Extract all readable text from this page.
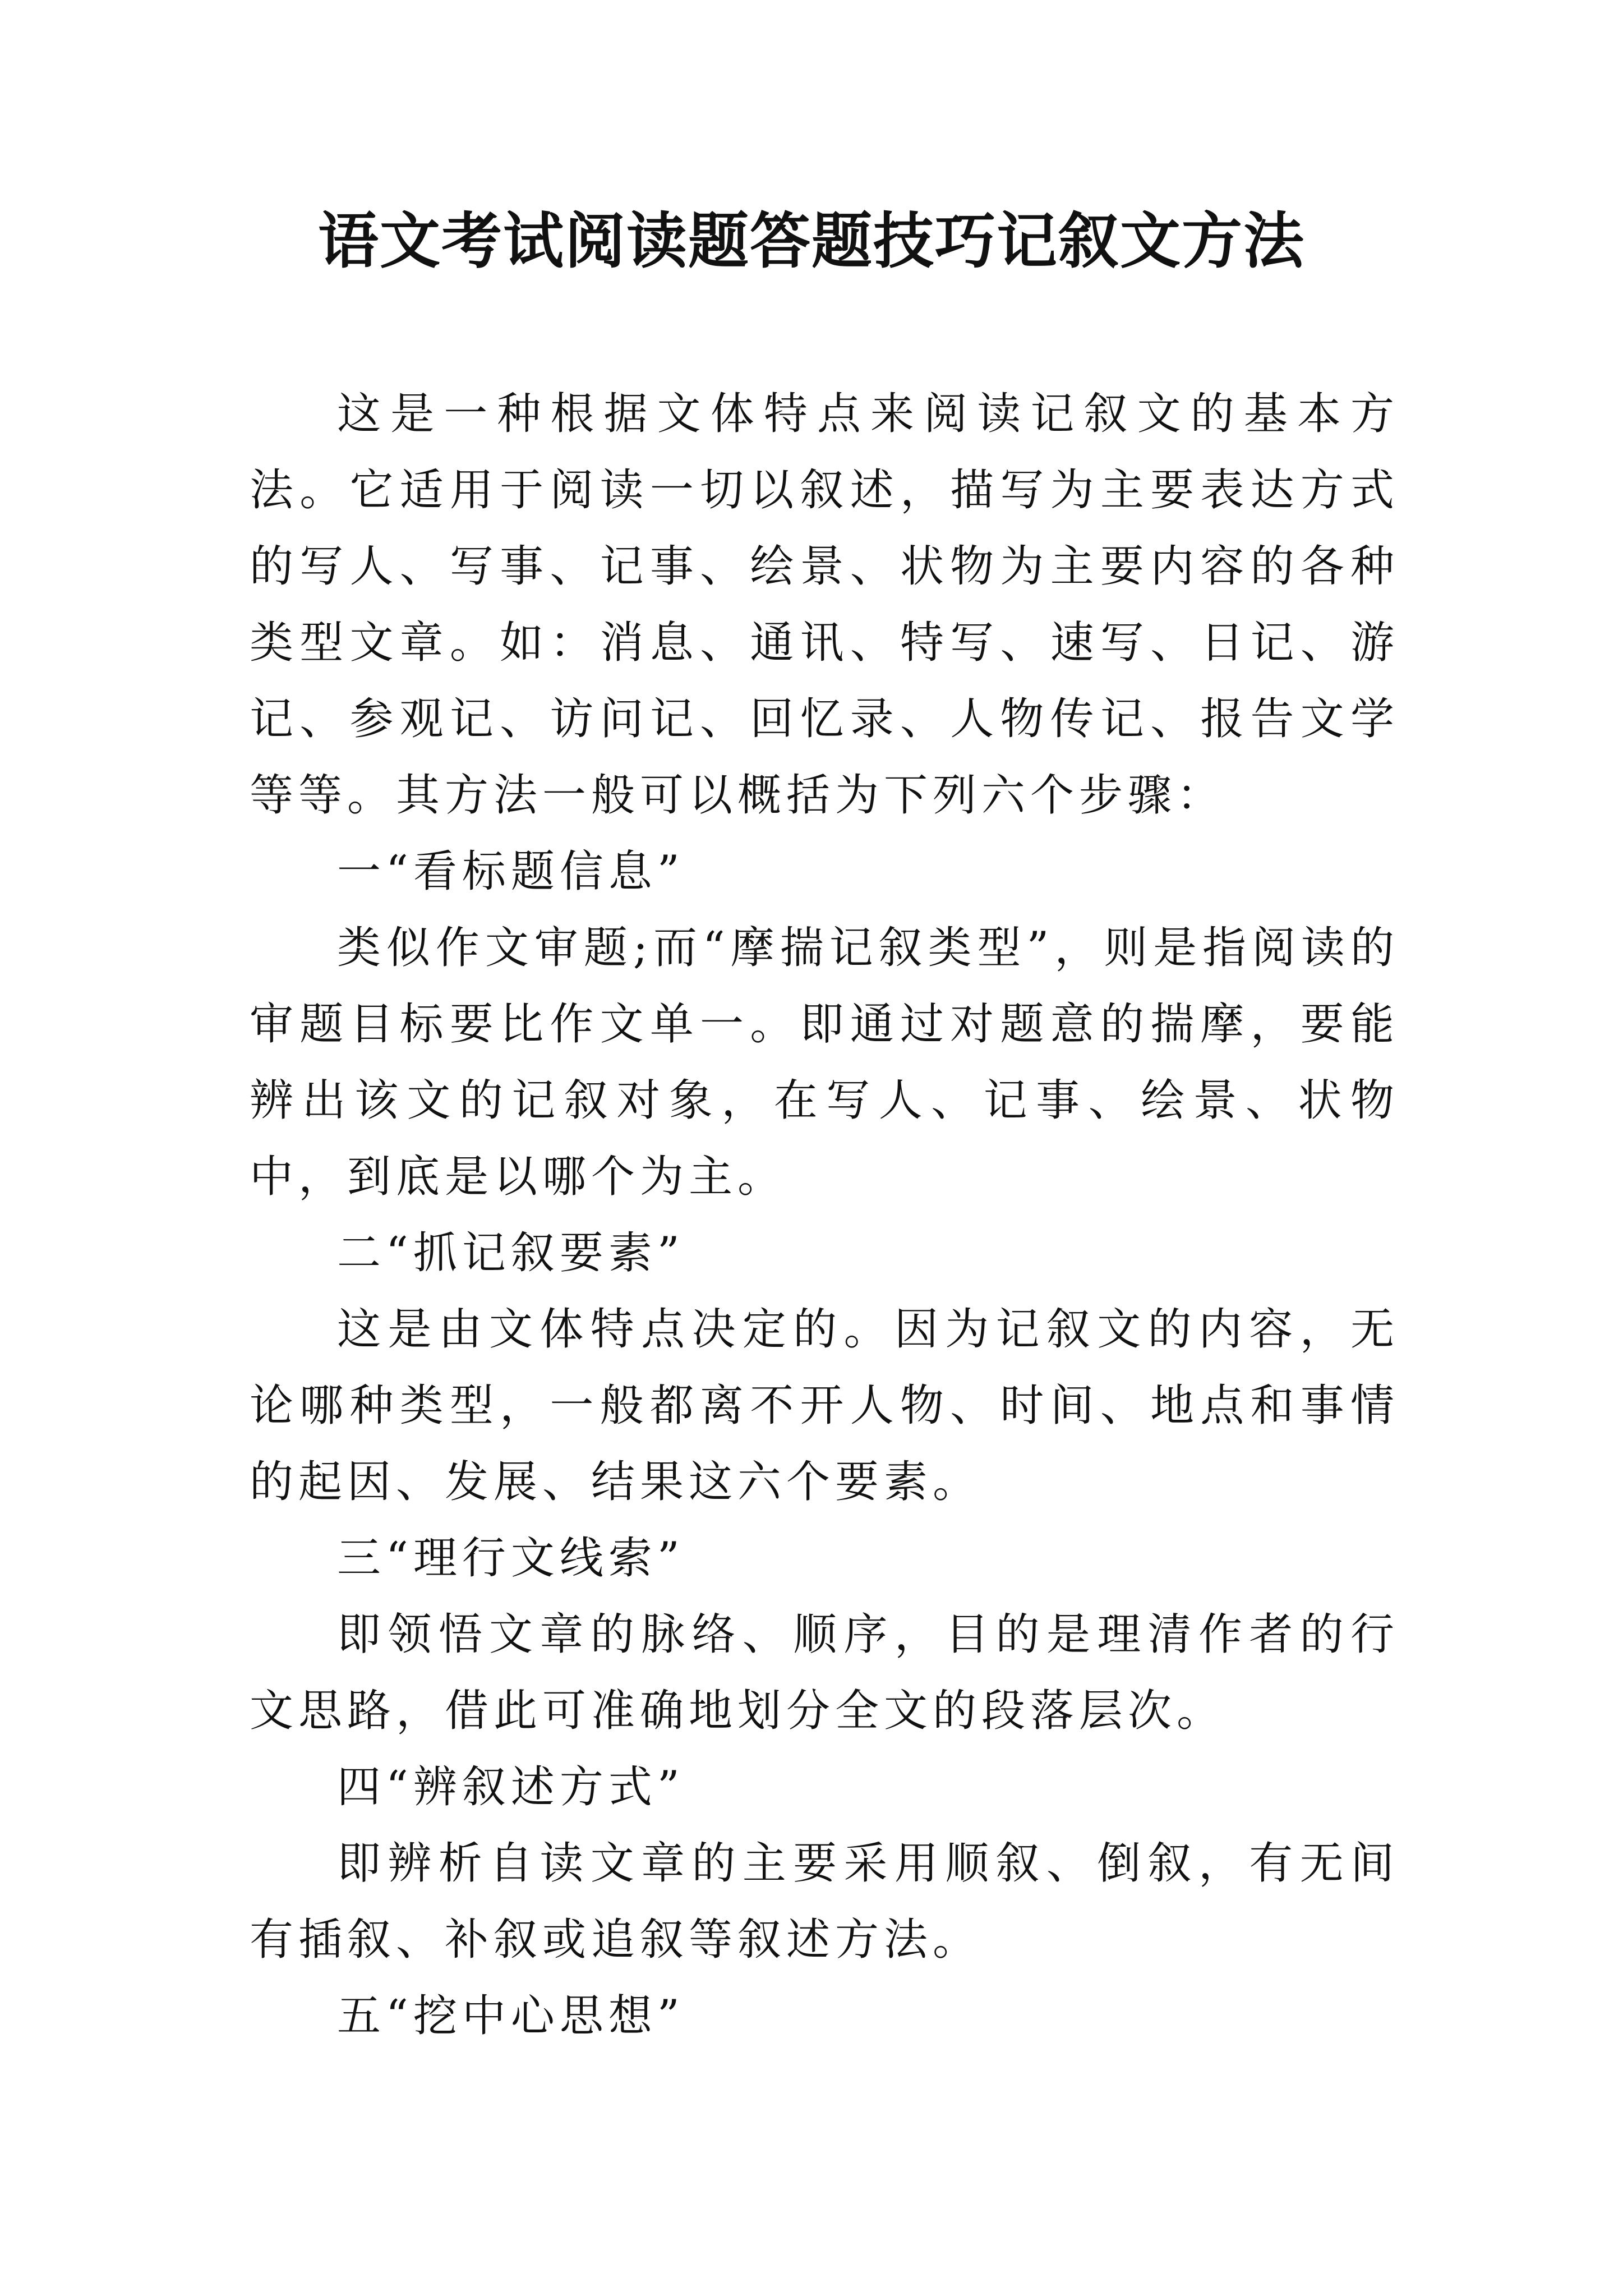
语文考试阅读题答题技巧记叙文方法

这是一种根据文体特点来阅读记叙文的基本方法。它适用于阅读一切以叙述，描写为主要表达方式的写人、写事、记事、绘景、状物为主要内容的各种类型文章。如：消息、通讯、特写、速写、日记、游记、参观记、访问记、回忆录、人物传记、报告文学等等。其方法一般可以概括为下列六个步骤：

一“看标题信息”

类似作文审题;而“摩揣记叙类型”，则是指阅读的审题目标要比作文单一。即通过对题意的揣摩，要能辨出该文的记叙对象，在写人、记事、绘景、状物中，到底是以哪个为主。

二“抓记叙要素”

这是由文体特点决定的。因为记叙文的内容，无论哪种类型，一般都离不开人物、时间、地点和事情的起因、发展、结果这六个要素。

三“理行文线索”

即领悟文章的脉络、顺序，目的是理清作者的行文思路，借此可准确地划分全文的段落层次。

四“辨叙述方式”

即辨析自读文章的主要采用顺叙、倒叙，有无间有插叙、补叙或追叙等叙述方法。

五“挖中心思想”
